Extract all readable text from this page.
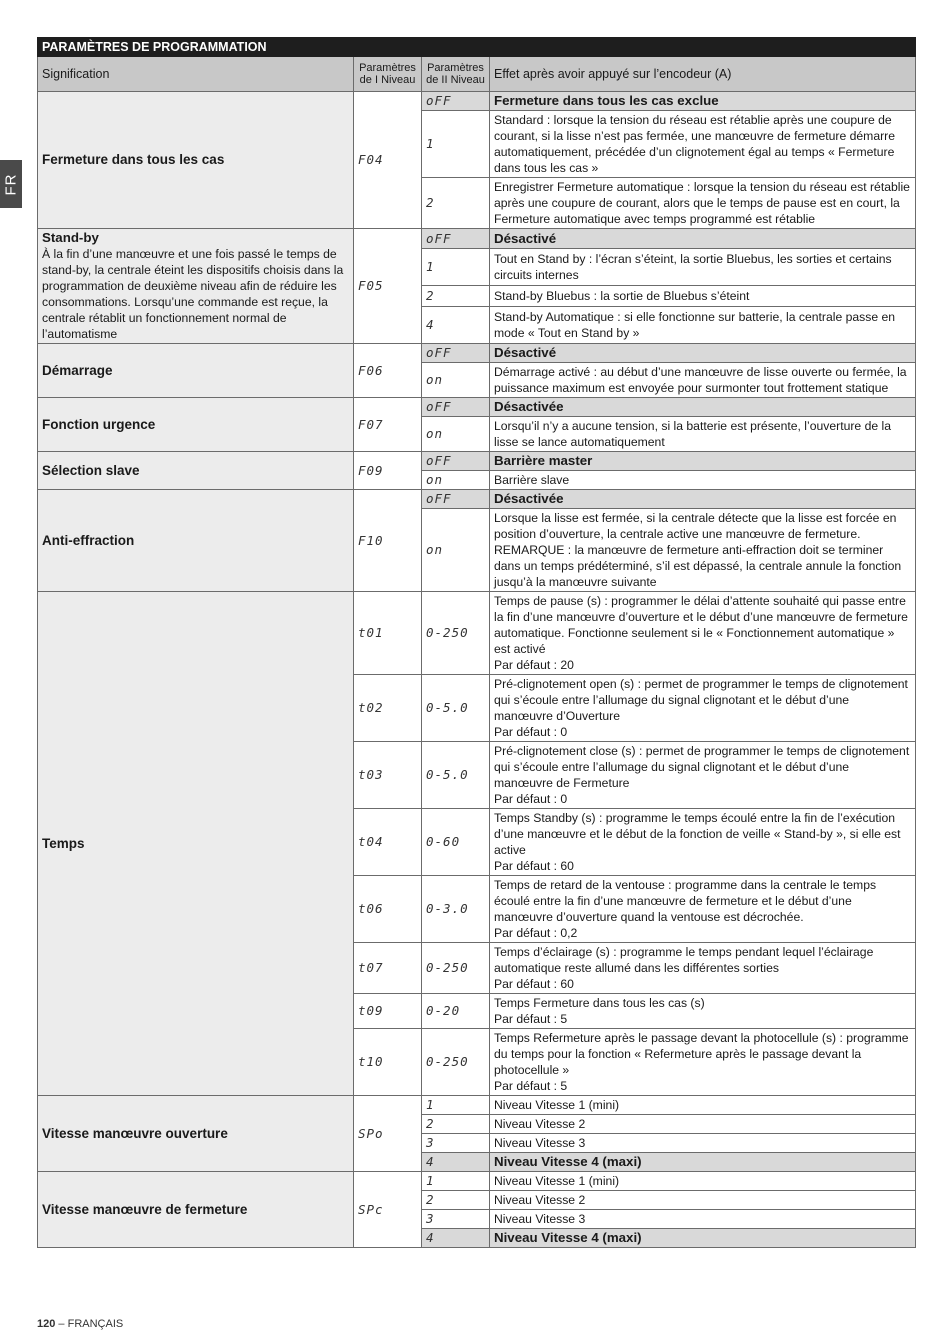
FR
PARAMÈTRES DE PROGRAMMATION			
Signification	Paramètres de I Niveau	Paramètres de II Niveau	Effet après avoir appuyé sur l’encodeur (A)
Fermeture dans tous les cas	F04	oFF	Fermeture dans tous les cas exclue
		1	Standard : lorsque la tension du réseau est rétablie après une coupure de courant, si la lisse n’est pas fermée, une manœuvre de fermeture démarre automatiquement, précédée d’un clignotement égal au temps « Fermeture dans tous les cas »
		2	Enregistrer Fermeture automatique : lorsque la tension du réseau est rétablie après une coupure de courant, alors que le temps de pause est en court, la Fermeture automatique avec temps programmé est rétablie

Stand-by
À la fin d’une manœuvre et une fois passé le temps de stand-by, la centrale éteint les dispositifs choisis dans la programmation de deuxième niveau afin de réduire les consommations. Lorsqu’une commande est reçue, la centrale rétablit un fonctionnement normal de l’automatisme	F05	oFF	Désactivé
		1	Tout en Stand by : l’écran s’éteint, la sortie Bluebus, les sorties et certains circuits internes
		2	Stand-by Bluebus : la sortie de Bluebus s’éteint
		4	Stand-by Automatique : si elle fonctionne sur batterie, la centrale passe en mode « Tout en Stand by »
Démarrage	F06	oFF	Désactivé
		on	Démarrage activé : au début d’une manœuvre de lisse ouverte ou fermée, la puissance maximum est envoyée pour surmonter tout frottement statique
Fonction urgence	F07	oFF	Désactivée
		on	Lorsqu’il n’y a aucune tension, si la batterie est présente, l’ouverture de la lisse se lance automatiquement
Sélection slave	F09	oFF	Barrière master
		on	Barrière slave
Anti-effraction	F10	oFF	Désactivée
		on	Lorsque la lisse est fermée, si la centrale détecte que la lisse est forcée en position d’ouverture, la centrale active une manœuvre de fermeture. REMARQUE : la manœuvre de fermeture anti-effraction doit se terminer dans un temps prédéterminé, s’il est dépassé, la centrale annule la fonction jusqu’à la manœuvre suivante
Temps	t01	0-250	Temps de pause (s) : programmer le délai d’attente souhaité qui passe entre la fin d’une manœuvre d’ouverture et le début d’une manœuvre de fermeture automatique. Fonctionne seulement si le « Fonctionnement automatique » est activé
Par défaut : 20

	t02	0-5.0	Pré-clignotement open (s) : permet de programmer le temps de clignotement qui s’écoule entre l’allumage du signal clignotant et le début d’une manœuvre d’Ouverture
Par défaut : 0

	t03	0-5.0	Pré-clignotement close (s) : permet de programmer le temps de clignotement qui s’écoule entre l’allumage du signal clignotant et le début d’une manœuvre de Fermeture
Par défaut : 0

	t04	0-60	Temps Standby (s) : programme le temps écoulé entre la fin de l’exécution d’une manœuvre et le début de la fonction de veille « Stand-by », si elle est active
Par défaut : 60

	t06	0-3.0	Temps de retard de la ventouse : programme dans la centrale le temps écoulé entre la fin d’une manœuvre de fermeture et le début d’une manœuvre d’ouverture quand la ventouse est décrochée.
Par défaut : 0,2

	t07	0-250	Temps d’éclairage (s) : programme le temps pendant lequel l’éclairage automatique reste allumé dans les différentes sorties
Par défaut : 60

	t09	0-20	Temps Fermeture dans tous les cas (s)
Par défaut : 5

	t10	0-250	Temps Refermeture après le passage devant la photocellule (s) : programme du temps pour la fonction « Refermeture après le passage devant la photocellule »
Par défaut : 5

Vitesse manœuvre ouverture	SPo	1	Niveau Vitesse 1 (mini)
		2	Niveau Vitesse 2
		3	Niveau Vitesse 3
		4	Niveau Vitesse 4 (maxi)
Vitesse manœuvre de fermeture	SPc	1	Niveau Vitesse 1 (mini)
		2	Niveau Vitesse 2
		3	Niveau Vitesse 3
		4	Niveau Vitesse 4 (maxi)
120 – FRANÇAIS
